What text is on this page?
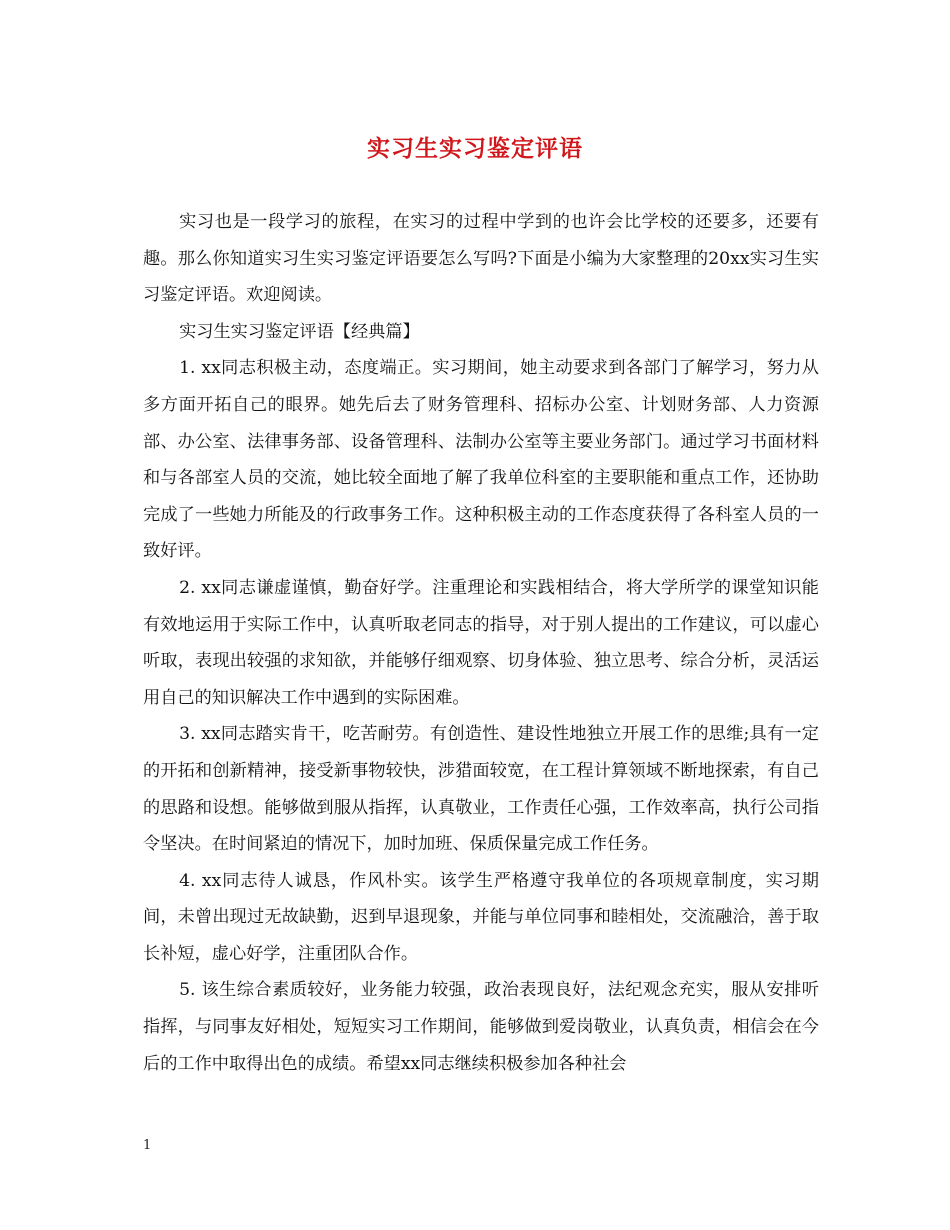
实习生实习鉴定评语

实习也是一段学习的旅程，在实习的过程中学到的也许会比学校的还要多，还要有趣。那么你知道实习生实习鉴定评语要怎么写吗?下面是小编为大家整理的20xx实习生实习鉴定评语。欢迎阅读。

实习生实习鉴定评语【经典篇】

1. xx同志积极主动，态度端正。实习期间，她主动要求到各部门了解学习，努力从多方面开拓自己的眼界。她先后去了财务管理科、招标办公室、计划财务部、人力资源部、办公室、法律事务部、设备管理科、法制办公室等主要业务部门。通过学习书面材料和与各部室人员的交流，她比较全面地了解了我单位科室的主要职能和重点工作，还协助完成了一些她力所能及的行政事务工作。这种积极主动的工作态度获得了各科室人员的一致好评。

2. xx同志谦虚谨慎，勤奋好学。注重理论和实践相结合，将大学所学的课堂知识能有效地运用于实际工作中，认真听取老同志的指导，对于别人提出的工作建议，可以虚心听取，表现出较强的求知欲，并能够仔细观察、切身体验、独立思考、综合分析，灵活运用自己的知识解决工作中遇到的实际困难。

3. xx同志踏实肯干，吃苦耐劳。有创造性、建设性地独立开展工作的思维;具有一定的开拓和创新精神，接受新事物较快，涉猎面较宽，在工程计算领域不断地探索，有自己的思路和设想。能够做到服从指挥，认真敬业，工作责任心强，工作效率高，执行公司指令坚决。在时间紧迫的情况下，加时加班、保质保量完成工作任务。

4. xx同志待人诚恳，作风朴实。该学生严格遵守我单位的各项规章制度，实习期间，未曾出现过无故缺勤，迟到早退现象，并能与单位同事和睦相处，交流融洽，善于取长补短，虚心好学，注重团队合作。

5. 该生综合素质较好，业务能力较强，政治表现良好，法纪观念充实，服从安排听指挥，与同事友好相处，短短实习工作期间，能够做到爱岗敬业，认真负责，相信会在今后的工作中取得出色的成绩。希望xx同志继续积极参加各种社会

1
